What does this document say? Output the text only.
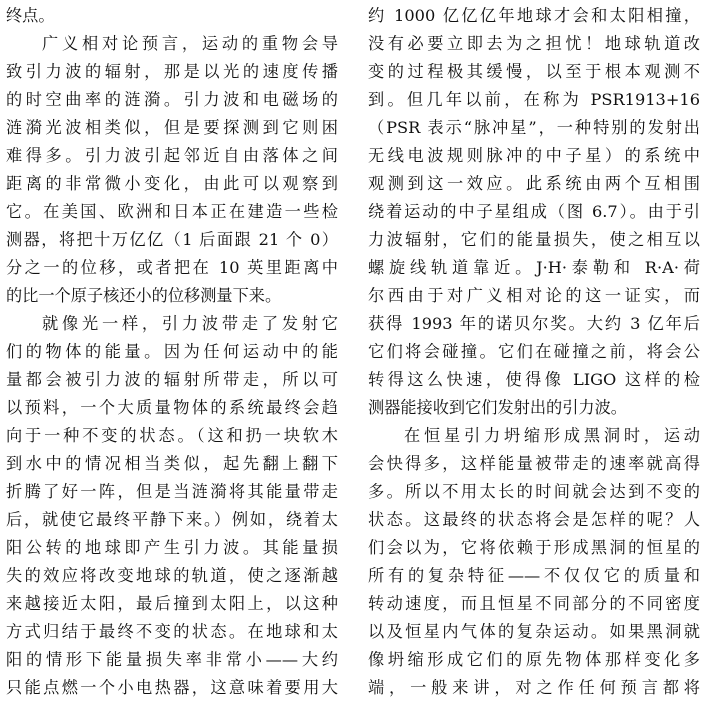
终点。
广义相对论预言，运动的重物会导
致引力波的辐射，那是以光的速度传播
的时空曲率的涟漪。引力波和电磁场的
涟漪光波相类似，但是要探测到它则困
难得多。引力波引起邻近自由落体之间
距离的非常微小变化，由此可以观察到
它。在美国、欧洲和日本正在建造一些检
测器，将把十万亿亿（1 后面跟 21 个 0）
分之一的位移，或者把在 10 英里距离中
的比一个原子核还小的位移测量下来。
就像光一样，引力波带走了发射它
们的物体的能量。因为任何运动中的能
量都会被引力波的辐射所带走，所以可
以预料，一个大质量物体的系统最终会趋
向于一种不变的状态。（这和扔一块软木
到水中的情况相当类似，起先翻上翻下
折腾了好一阵，但是当涟漪将其能量带走
后，就使它最终平静下来。）例如，绕着太
阳公转的地球即产生引力波。其能量损
失的效应将改变地球的轨道，使之逐渐越
来越接近太阳，最后撞到太阳上，以这种
方式归结于最终不变的状态。在地球和太
阳的情形下能量损失率非常小——大约
只能点燃一个小电热器，这意味着要用大
约 1000 亿亿亿年地球才会和太阳相撞，
没有必要立即去为之担忧！地球轨道改
变的过程极其缓慢，以至于根本观测不
到。但几年以前，在称为 PSR1913+16
（PSR 表示“脉冲星”，一种特别的发射出
无线电波规则脉冲的中子星）的系统中
观测到这一效应。此系统由两个互相围
绕着运动的中子星组成（图 6.7）。由于引
力波辐射，它们的能量损失，使之相互以
螺旋线轨道靠近。J·H·泰勒和 R·A·荷
尔西由于对广义相对论的这一证实，而
获得 1993 年的诺贝尔奖。大约 3 亿年后
它们将会碰撞。它们在碰撞之前，将会公
转得这么快速，使得像 LIGO 这样的检
测器能接收到它们发射出的引力波。
在恒星引力坍缩形成黑洞时，运动
会快得多，这样能量被带走的速率就高得
多。所以不用太长的时间就会达到不变的
状态。这最终的状态将会是怎样的呢？人
们会以为，它将依赖于形成黑洞的恒星的
所有的复杂特征——不仅仅它的质量和
转动速度，而且恒星不同部分的不同密度
以及恒星内气体的复杂运动。如果黑洞就
像坍缩形成它们的原先物体那样变化多
端，一般来讲，对之作任何预言都将
